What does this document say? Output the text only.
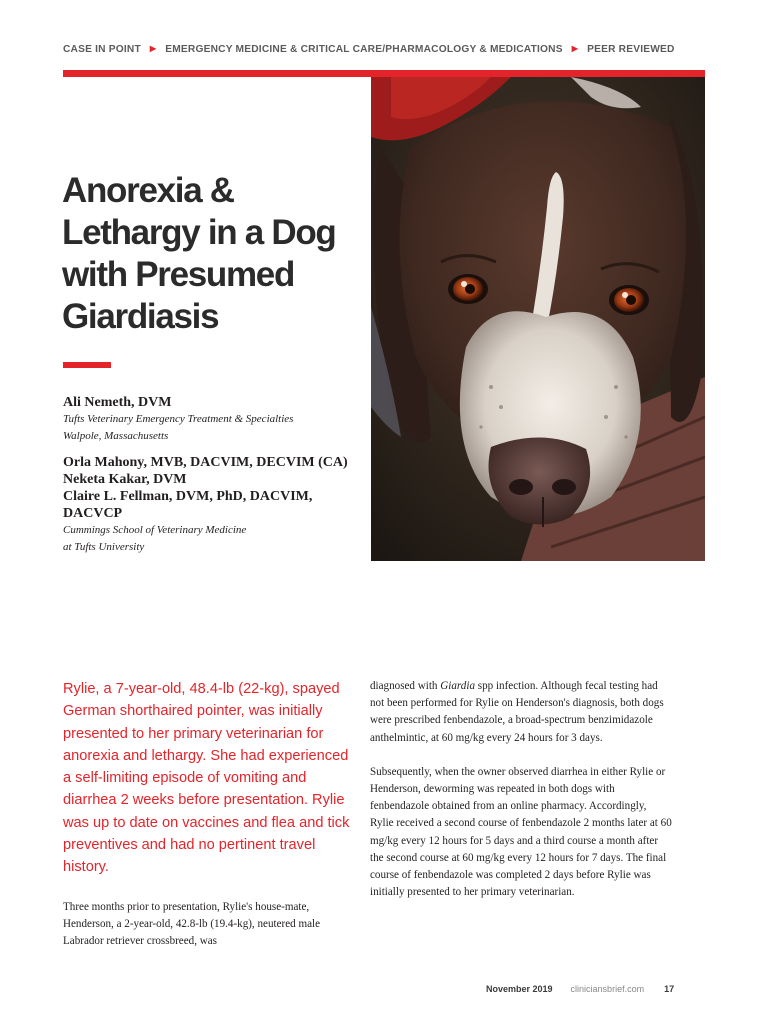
CASE IN POINT ▶ EMERGENCY MEDICINE & CRITICAL CARE/PHARMACOLOGY & MEDICATIONS ▶ PEER REVIEWED
Anorexia & Lethargy in a Dog with Presumed Giardiasis

Ali Nemeth, DVM

Tufts Veterinary Emergency Treatment & Specialties

Walpole, Massachusetts

Orla Mahony, MVB, DACVIM, DECVIM (CA)

Neketa Kakar, DVM

Claire L. Fellman, DVM, PhD, DACVIM, DACVCP

Cummings School of Veterinary Medicine

at Tufts University

Rylie, a 7-year-old, 48.4-lb (22-kg), spayed German shorthaired pointer, was initially presented to her primary veterinarian for anorexia and lethargy. She had experienced a self-limiting episode of vomiting and diarrhea 2 weeks before presentation. Rylie was up to date on vaccines and flea and tick preventives and had no pertinent travel history.

Three months prior to presentation, Rylie's house-mate, Henderson, a 2-year-old, 42.8-lb (19.4-kg), neutered male Labrador retriever crossbreed, was

diagnosed with Giardia spp infection. Although fecal testing had not been performed for Rylie on Henderson's diagnosis, both dogs were prescribed fenbendazole, a broad-spectrum benzimidazole anthelmintic, at 60 mg/kg every 24 hours for 3 days.

Subsequently, when the owner observed diarrhea in either Rylie or Henderson, deworming was repeated in both dogs with fenbendazole obtained from an online pharmacy. Accordingly, Rylie received a second course of fenbendazole 2 months later at 60 mg/kg every 12 hours for 5 days and a third course a month after the second course at 60 mg/kg every 12 hours for 7 days. The final course of fenbendazole was completed 2 days before Rylie was initially presented to her primary veterinarian.

November 2019 cliniciansbrief.com 17
